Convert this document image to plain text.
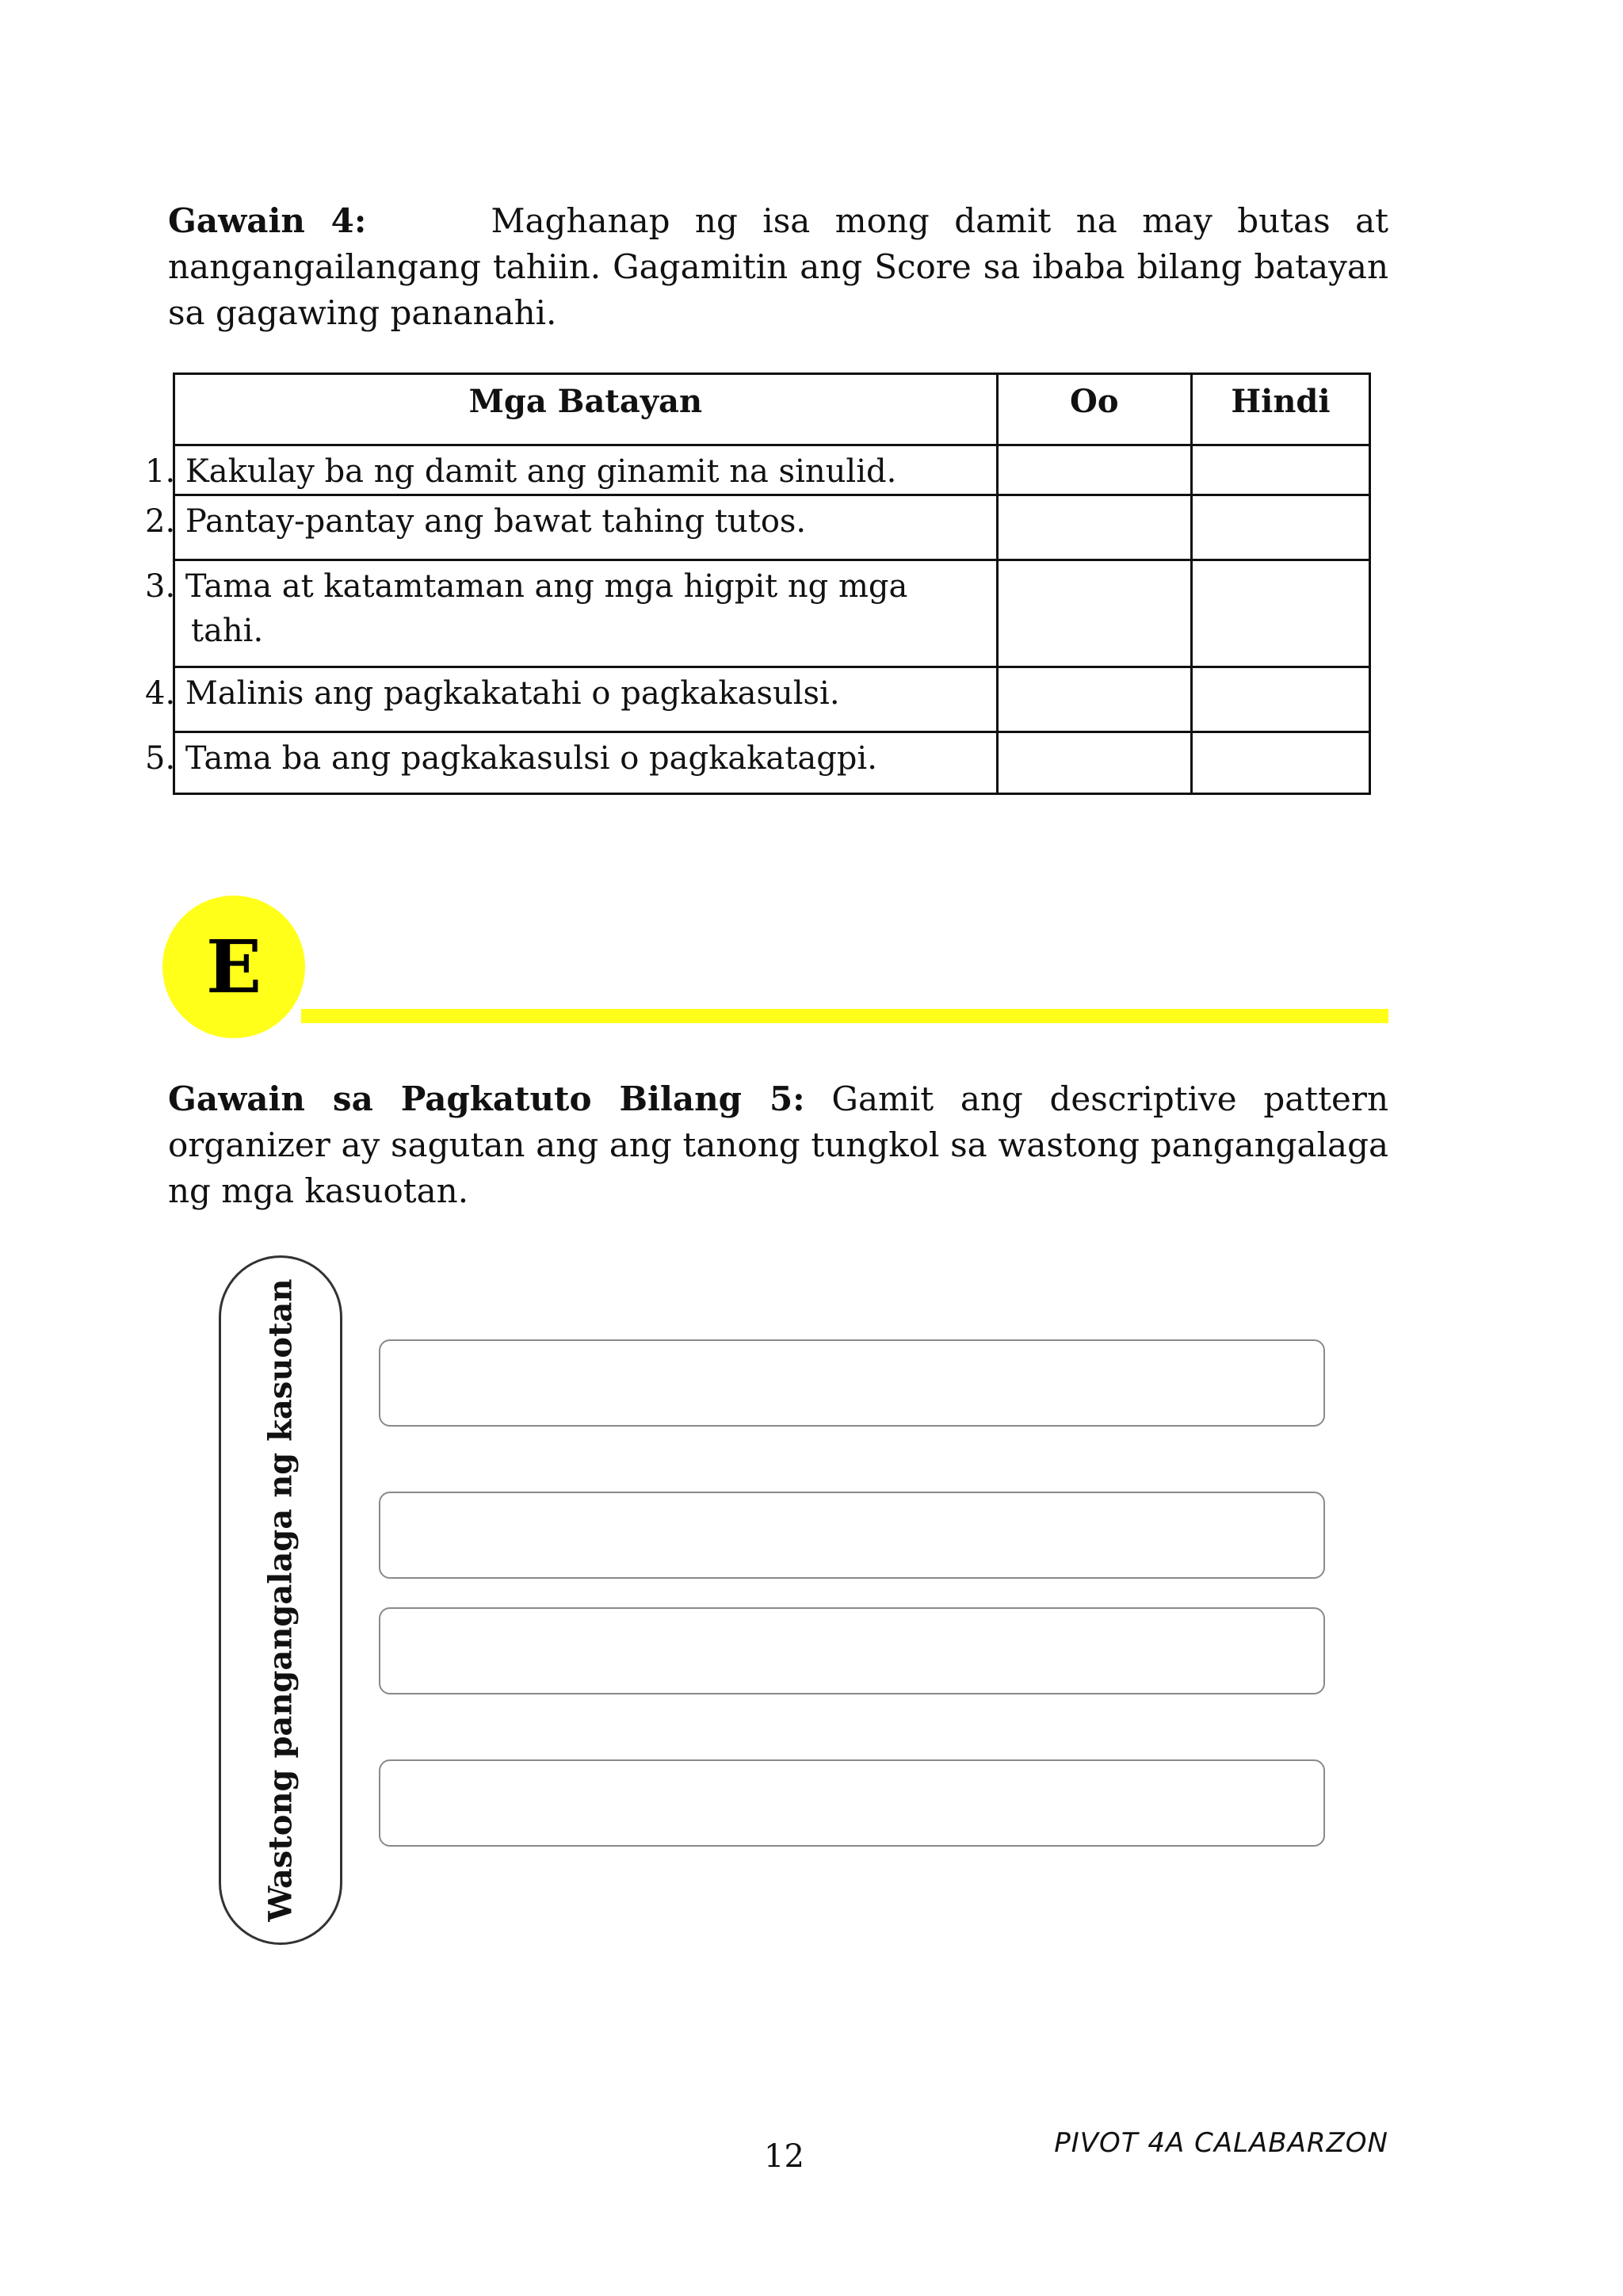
Gawain 4:	Maghanap ng isa mong damit na may butas at nangangailangang tahiin. Gagamitin ang Score sa ibaba bilang batayan sa gagawing pananahi.

Mga Batayan	Oo	Hindi
1. Kakulay ba ng damit ang ginamit na sinulid.		
2. Pantay-pantay ang bawat tahing tutos.		
3. Tama at katamtaman ang mga higpit ng mga tahi.		
4. Malinis ang pagkakatahi o pagkakasulsi.		
5. Tama ba ang pagkakasulsi o pagkakatagpi.		
E

Gawain sa Pagkatuto Bilang 5: Gamit ang descriptive pattern organizer ay sagutan ang ang tanong tungkol sa wastong pangangalaga ng mga kasuotan.

Wastong pangangalaga ng kasuotan
12	PIVOT 4A CALABARZON
